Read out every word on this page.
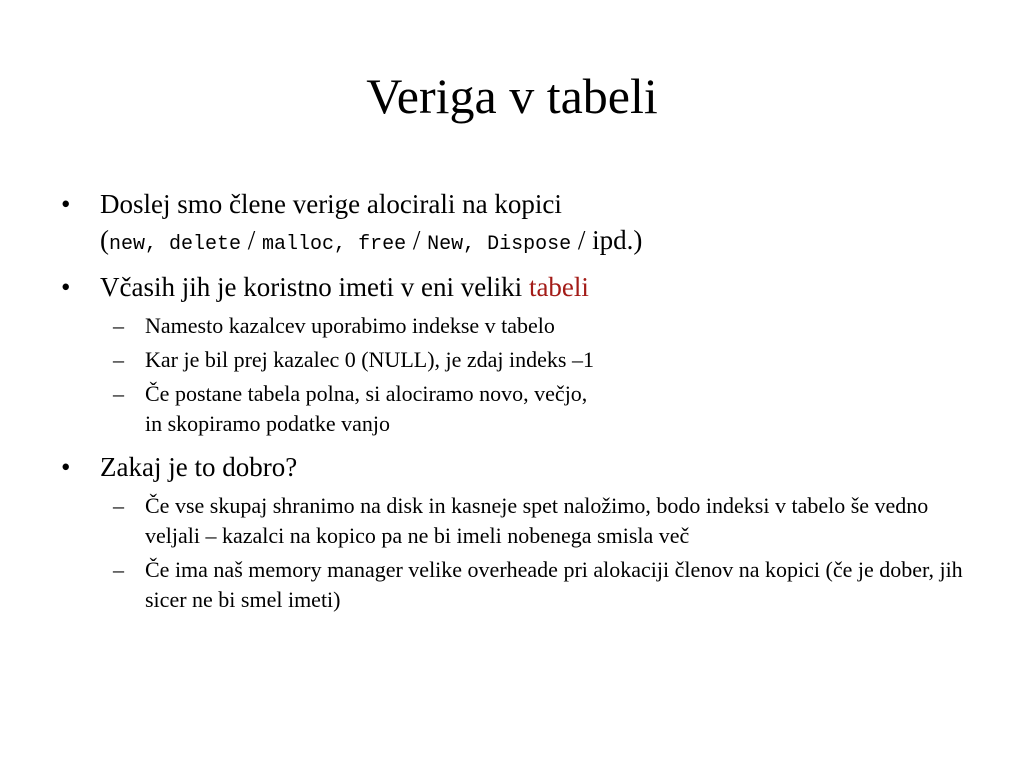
Veriga v tabeli
• Doslej smo člene verige alocirali na kopici
(new, delete / malloc, free / New, Dispose / ipd.)
• Včasih jih je koristno imeti v eni veliki tabeli
– Namesto kazalcev uporabimo indekse v tabelo
– Kar je bil prej kazalec 0 (NULL), je zdaj indeks –1
– Če postane tabela polna, si alociramo novo, večjo,
in skopiramo podatke vanjo
• Zakaj je to dobro?
– Če vse skupaj shranimo na disk in kasneje spet naložimo, bodo indeksi v tabelo še vedno veljali – kazalci na kopico pa ne bi imeli nobenega smisla več
– Če ima naš memory manager velike overheade pri alokaciji členov na kopici (če je dober, jih sicer ne bi smel imeti)
